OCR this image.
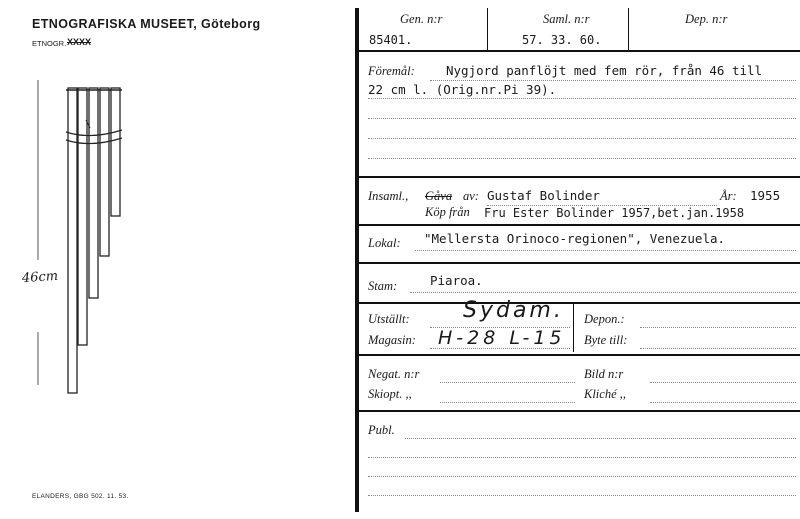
ETNOGRAFISKA MUSEET, Göteborg
ETNOGR. XXXX
46cm
ELANDERS, GBG 502. 11. 53.
Gen. n:r	Saml. n:r	Dep. n:r
85401.	57. 33. 60.
Föremål:	Nygjord panflöjt med fem rör, från 46 till
22 cm l. (Orig.nr.Pi 39).
Insaml., Gåva av: Gustaf Bolinder	År: 1955
Köp från Fru Ester Bolinder 1957,bet.jan.1958
Lokal: "Mellersta Orinoco-regionen", Venezuela.
Piaroa.
Stam:
Utställt: Sydam. Depon.:
Magasin: H-28 L-15 Byte till:
Negat. n:r	Bild n:r
Skiopt. ,,	Kliché ,,
Publ.
